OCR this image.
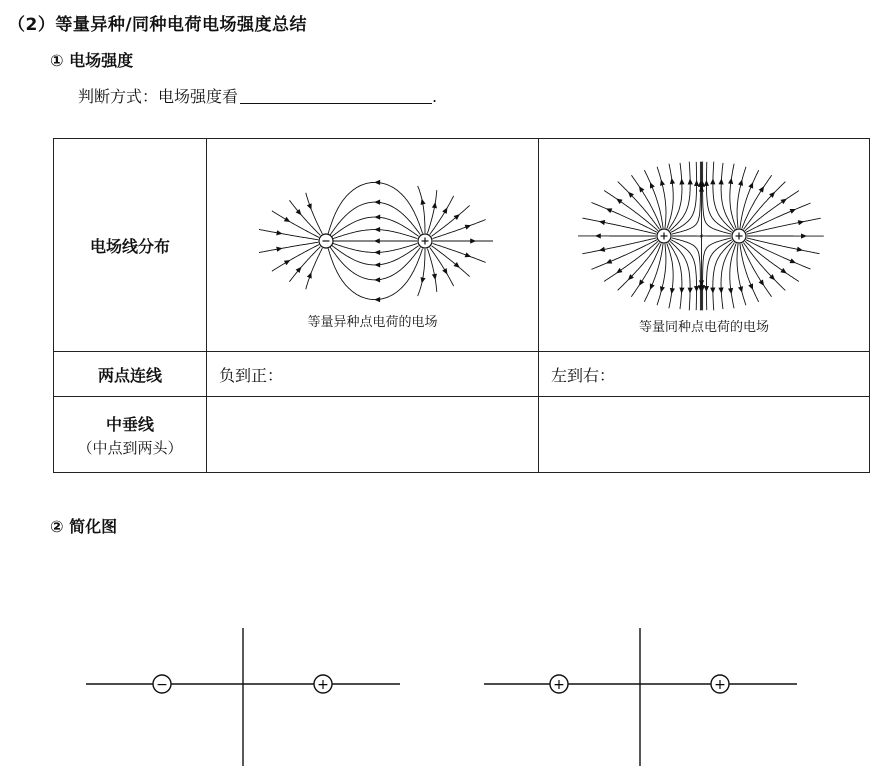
（2）等量异种/同种电荷电场强度总结
① 电场强度
判断方式：电场强度看	.
电场线分布	等量异种点电荷的电场	等量同种点电荷的电场

两点连线	负到正：	左到右：
中垂线
（中点到两头）		

② 简化图
−	+	+	+
